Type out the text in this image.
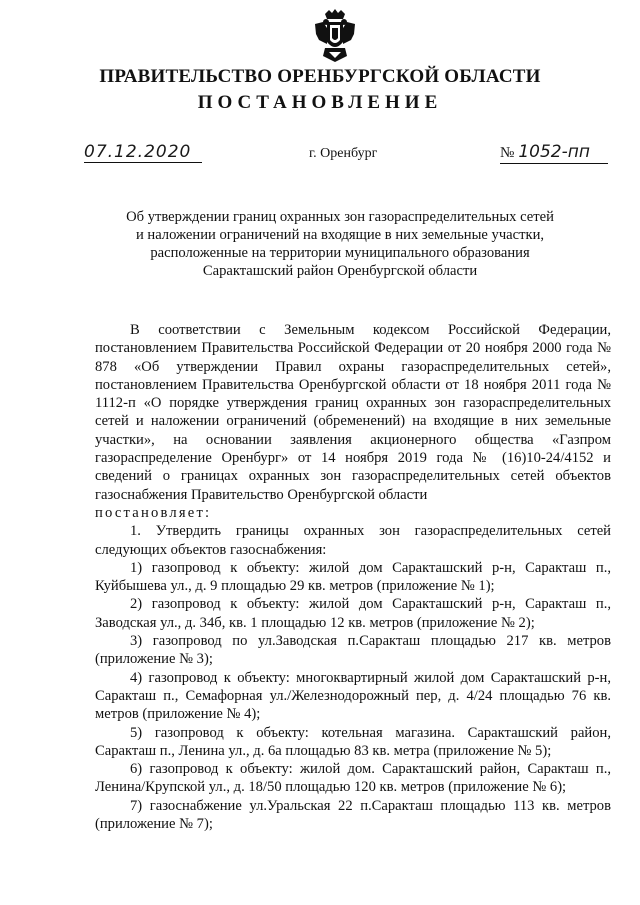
ПРАВИТЕЛЬСТВО ОРЕНБУРГСКОЙ ОБЛАСТИ
ПОСТАНОВЛЕНИЕ
07.12.2020	г. Оренбург	№ 1052-пп
Об утверждении границ охранных зон газораспределительных сетей
и наложении ограничений на входящие в них земельные участки,
расположенные на территории муниципального образования
Саракташский район Оренбургской области

В соответствии с Земельным кодексом Российской Федерации, постановлением Правительства Российской Федерации от 20 ноября 2000 года № 878 «Об утверждении Правил охраны газораспределительных сетей», постановлением Правительства Оренбургской области от 18 ноября 2011 года № 1112-п «О порядке утверждения границ охранных зон газораспределительных сетей и наложении ограничений (обременений) на входящие в них земельные участки», на основании заявления акционерного общества «Газпром газораспределение Оренбург» от 14 ноября 2019 года № (16)10-24/4152 и сведений о границах охранных зон газораспределительных сетей объектов газоснабжения Правительство Оренбургской области

постановляет:

1. Утвердить границы охранных зон газораспределительных сетей следующих объектов газоснабжения:

1) газопровод к объекту: жилой дом Саракташский р-н, Саракташ п., Куйбышева ул., д. 9 площадью 29 кв. метров (приложение № 1);

2) газопровод к объекту: жилой дом Саракташский р-н, Саракташ п., Заводская ул., д. 34б, кв. 1 площадью 12 кв. метров (приложение № 2);

3) газопровод по ул.Заводская п.Саракташ площадью 217 кв. метров (приложение № 3);

4) газопровод к объекту: многоквартирный жилой дом Саракташский р-н, Саракташ п., Семафорная ул./Железнодорожный пер, д. 4/24 площадью 76 кв. метров (приложение № 4);

5) газопровод к объекту: котельная магазина. Саракташский район, Саракташ п., Ленина ул., д. 6а площадью 83 кв. метра (приложение № 5);

6) газопровод к объекту: жилой дом. Саракташский район, Саракташ п., Ленина/Крупской ул., д. 18/50 площадью 120 кв. метров (приложение № 6);

7) газоснабжение ул.Уральская 22 п.Саракташ площадью 113 кв. метров (приложение № 7);
